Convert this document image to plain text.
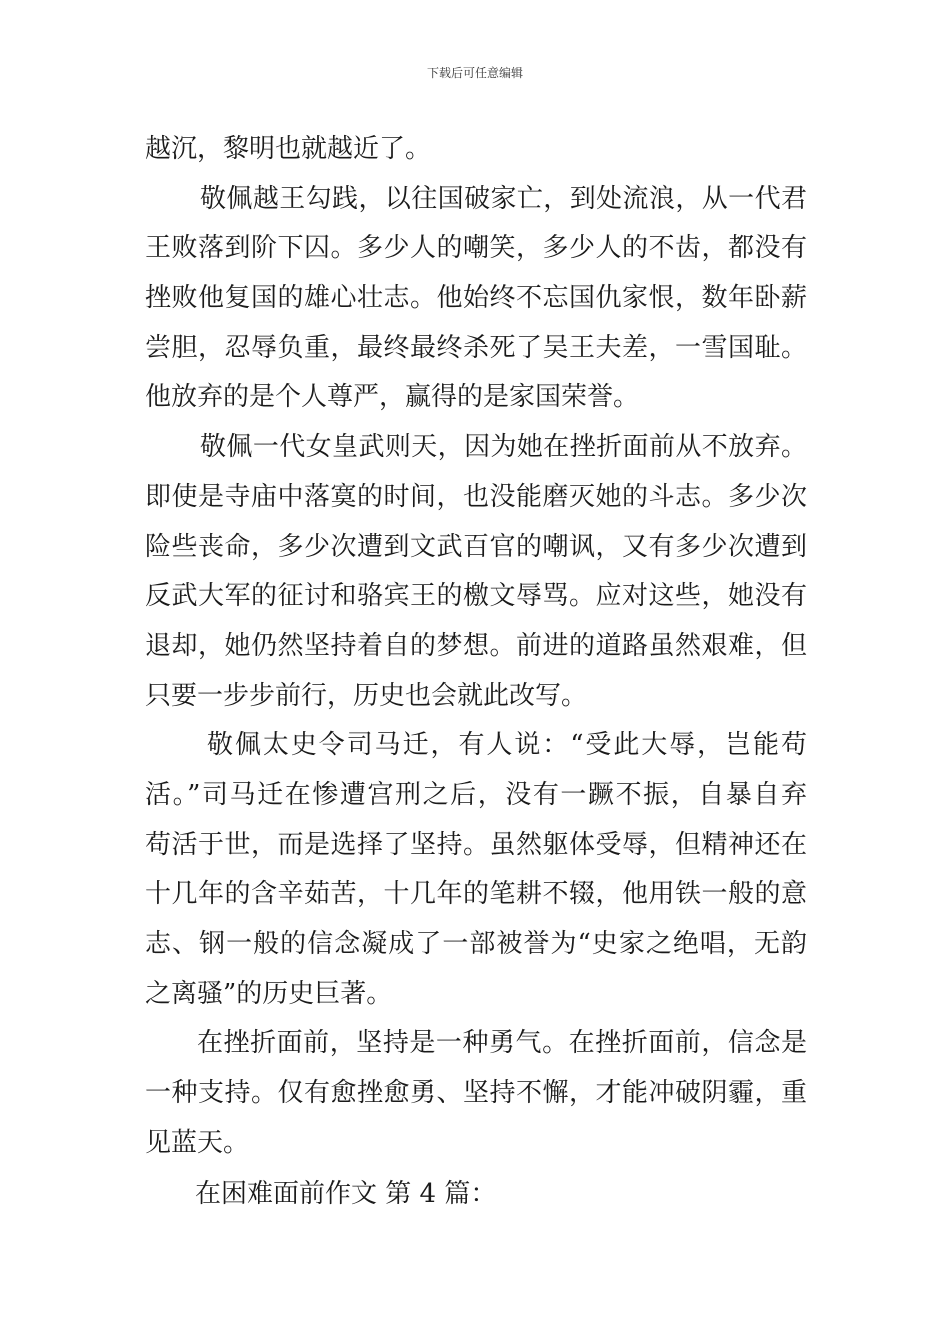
下载后可任意编辑
越沉，黎明也就越近了。
敬佩越王勾践，以往国破家亡，到处流浪，从一代君
王败落到阶下囚。多少人的嘲笑，多少人的不齿，都没有
挫败他复国的雄心壮志。他始终不忘国仇家恨，数年卧薪
尝胆，忍辱负重，最终最终杀死了吴王夫差，一雪国耻。
他放弃的是个人尊严，赢得的是家国荣誉。
敬佩一代女皇武则天，因为她在挫折面前从不放弃。
即使是寺庙中落寞的时间，也没能磨灭她的斗志。多少次
险些丧命，多少次遭到文武百官的嘲讽，又有多少次遭到
反武大军的征讨和骆宾王的檄文辱骂。应对这些，她没有
退却，她仍然坚持着自的梦想。前进的道路虽然艰难，但
只要一步步前行，历史也会就此改写。
敬佩太史令司马迁，有人说：“受此大辱，岂能苟
活。”司马迁在惨遭宫刑之后，没有一蹶不振，自暴自弃
苟活于世，而是选择了坚持。虽然躯体受辱，但精神还在
十几年的含辛茹苦，十几年的笔耕不辍，他用铁一般的意
志、钢一般的信念凝成了一部被誉为“史家之绝唱，无韵
之离骚”的历史巨著。
在挫折面前，坚持是一种勇气。在挫折面前，信念是
一种支持。仅有愈挫愈勇、坚持不懈，才能冲破阴霾，重
见蓝天。
在困难面前作文 第 4 篇：
